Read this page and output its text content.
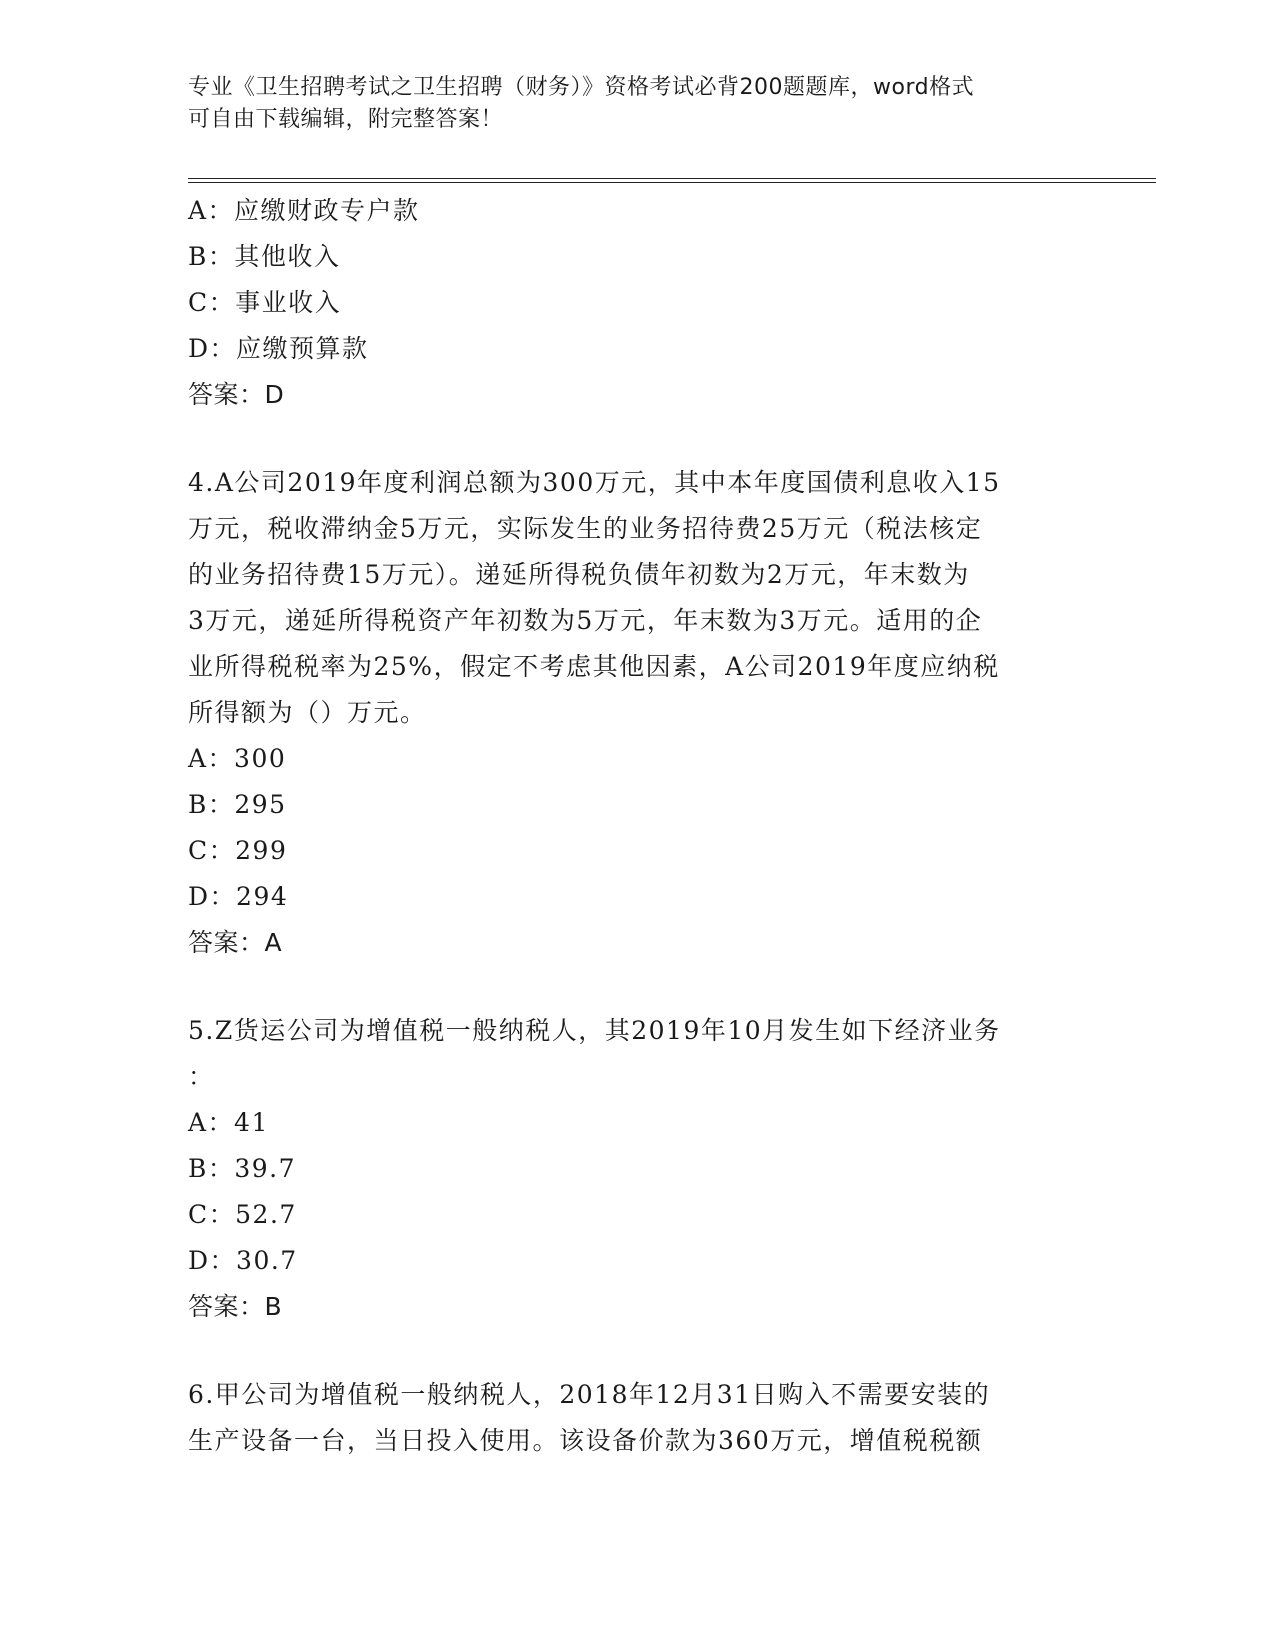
专业《卫生招聘考试之卫生招聘（财务）》资格考试必背200题题库，word格式
可自由下载编辑，附完整答案！
A：应缴财政专户款
B：其他收入
C：事业收入
D：应缴预算款
答案：D
4.A公司2019年度利润总额为300万元，其中本年度国债利息收入15
万元，税收滞纳金5万元，实际发生的业务招待费25万元（税法核定
的业务招待费15万元）。递延所得税负债年初数为2万元，年末数为
3万元，递延所得税资产年初数为5万元，年末数为3万元。适用的企
业所得税税率为25%，假定不考虑其他因素，A公司2019年度应纳税
所得额为（）万元。
A：300
B：295
C：299
D：294
答案：A
5.Z货运公司为增值税一般纳税人，其2019年10月发生如下经济业务
：
A：41
B：39.7
C：52.7
D：30.7
答案：B
6.甲公司为增值税一般纳税人，2018年12月31日购入不需要安装的
生产设备一台，当日投入使用。该设备价款为360万元，增值税税额
